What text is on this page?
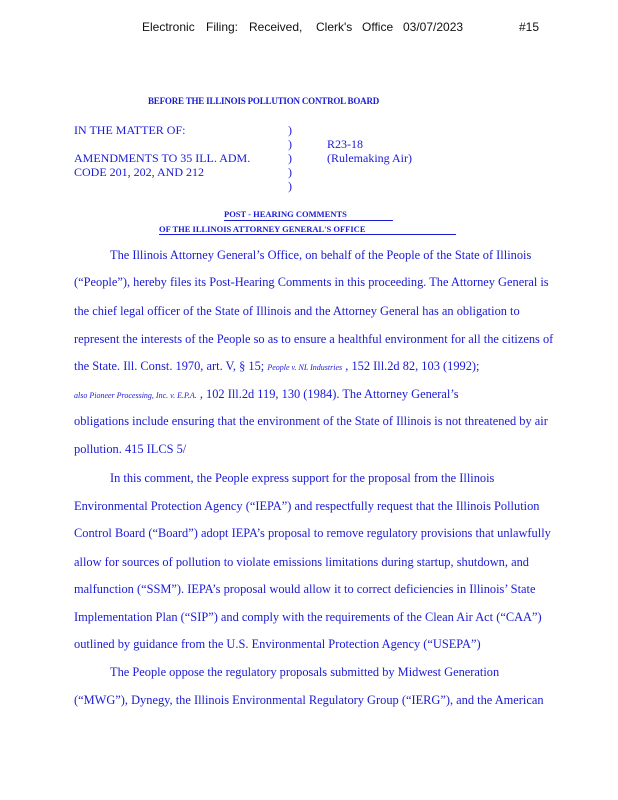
Electronic Filing: Received, Clerk's Office 03/07/2023	#15
BEFORE THE ILLINOIS POLLUTION CONTROL BOARD
IN THE MATTER OF:
AMENDMENTS TO 35 ILL. ADM.
CODE 201, 202, AND 212
)
)
)
)
)
R23-18
(Rulemaking Air)
POST - HEARING COMMENTS
OF THE ILLINOIS ATTORNEY GENERAL'S OFFICE
The Illinois Attorney General’s Office, on behalf of the People of the State of Illinois
(“People”), hereby files its Post-Hearing Comments in this proceeding. The Attorney General is
the chief legal officer of the State of Illinois and the Attorney General has an obligation to
represent the interests of the People so as to ensure a healthful environment for all the citizens of
the State. Ill. Const. 1970, art. V, § 15; People v. NL Industries , 152 Ill.2d 82, 103 (1992);
also Pioneer Processing, Inc. v. E.P.A. , 102 Ill.2d 119, 130 (1984). The Attorney General’s
obligations include ensuring that the environment of the State of Illinois is not threatened by air
pollution. 415 ILCS 5/
In this comment, the People express support for the proposal from the Illinois
Environmental Protection Agency (“IEPA”) and respectfully request that the Illinois Pollution
Control Board (“Board”) adopt IEPA’s proposal to remove regulatory provisions that unlawfully
allow for sources of pollution to violate emissions limitations during startup, shutdown, and
malfunction (“SSM”). IEPA’s proposal would allow it to correct deficiencies in Illinois’ State
Implementation Plan (“SIP”) and comply with the requirements of the Clean Air Act (“CAA”)
outlined by guidance from the U.S. Environmental Protection Agency (“USEPA”)
The People oppose the regulatory proposals submitted by Midwest Generation
(“MWG”), Dynegy, the Illinois Environmental Regulatory Group (“IERG”), and the American
